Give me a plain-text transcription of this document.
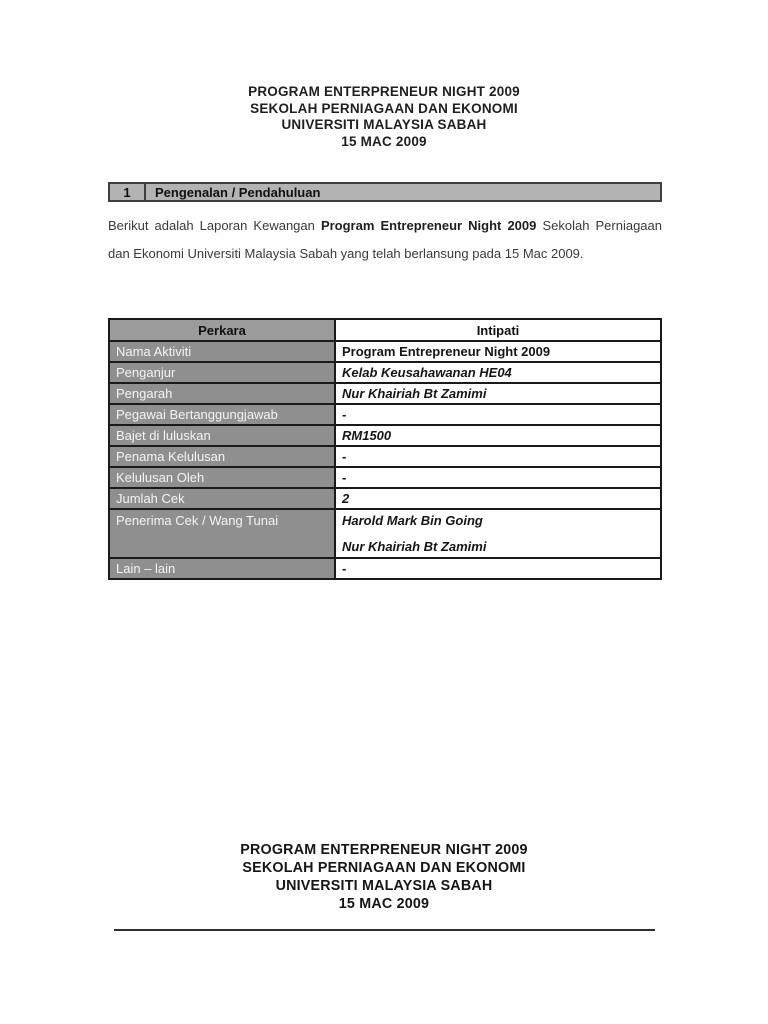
PROGRAM ENTERPRENEUR NIGHT 2009
SEKOLAH PERNIAGAAN DAN EKONOMI
UNIVERSITI MALAYSIA SABAH
15 MAC 2009
1	Pengenalan / Pendahuluan

Berikut adalah Laporan Kewangan Program Entrepreneur Night 2009 Sekolah Perniagaan dan Ekonomi Universiti Malaysia Sabah yang telah berlansung pada 15 Mac 2009.

Perkara	Intipati
Nama Aktiviti	Program Entrepreneur Night 2009
Penganjur	Kelab Keusahawanan HE04
Pengarah	Nur Khairiah Bt Zamimi
Pegawai Bertanggungjawab	-
Bajet di luluskan	RM1500
Penama Kelulusan	-
Kelulusan Oleh	-
Jumlah Cek	2
Penerima Cek / Wang Tunai	Harold Mark Bin Going
Nur Khairiah Bt Zamimi

Lain – lain	-
PROGRAM ENTERPRENEUR NIGHT 2009
SEKOLAH PERNIAGAAN DAN EKONOMI
UNIVERSITI MALAYSIA SABAH
15 MAC 2009
